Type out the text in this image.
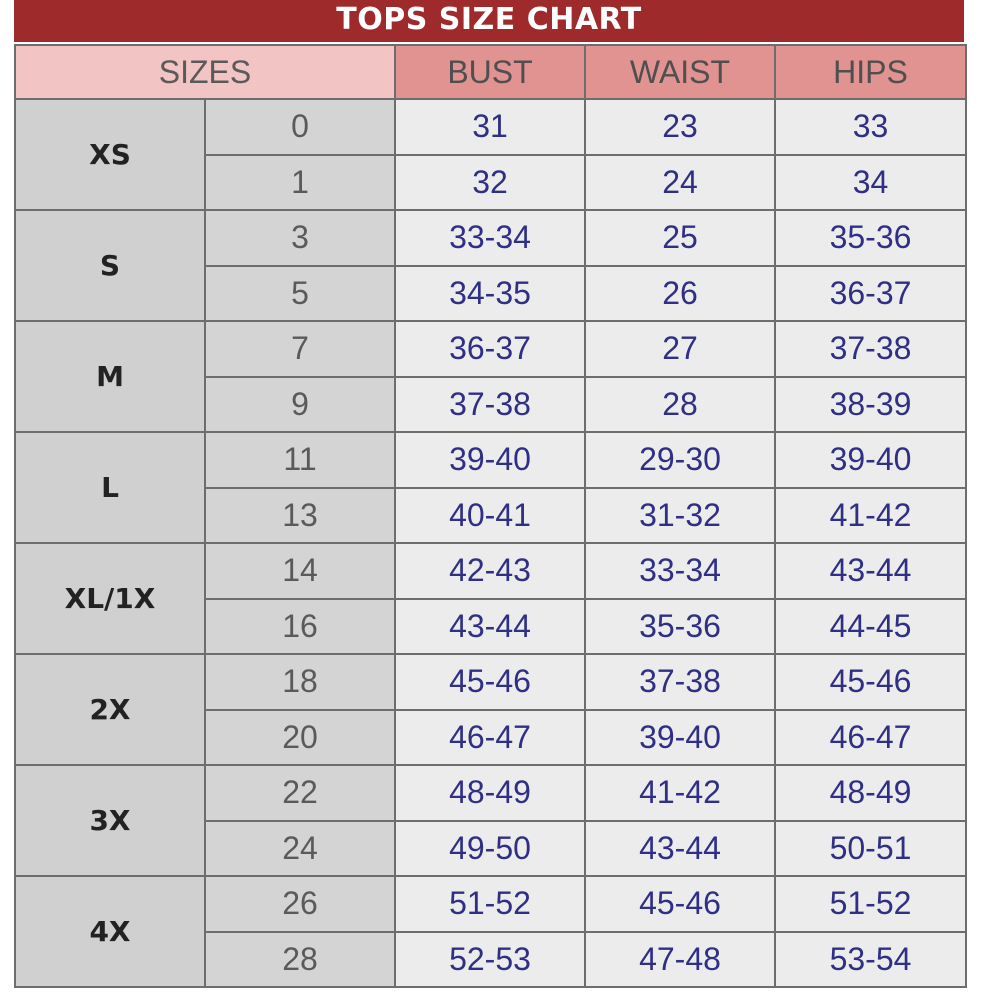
TOPS SIZE CHART
SIZES		BUST	WAIST	HIPS
XS	0	31	23	33
	1	32	24	34
S	3	33-34	25	35-36
	5	34-35	26	36-37
M	7	36-37	27	37-38
	9	37-38	28	38-39
L	11	39-40	29-30	39-40
	13	40-41	31-32	41-42
XL/1X	14	42-43	33-34	43-44
	16	43-44	35-36	44-45
2X	18	45-46	37-38	45-46
	20	46-47	39-40	46-47
3X	22	48-49	41-42	48-49
	24	49-50	43-44	50-51
4X	26	51-52	45-46	51-52
	28	52-53	47-48	53-54
